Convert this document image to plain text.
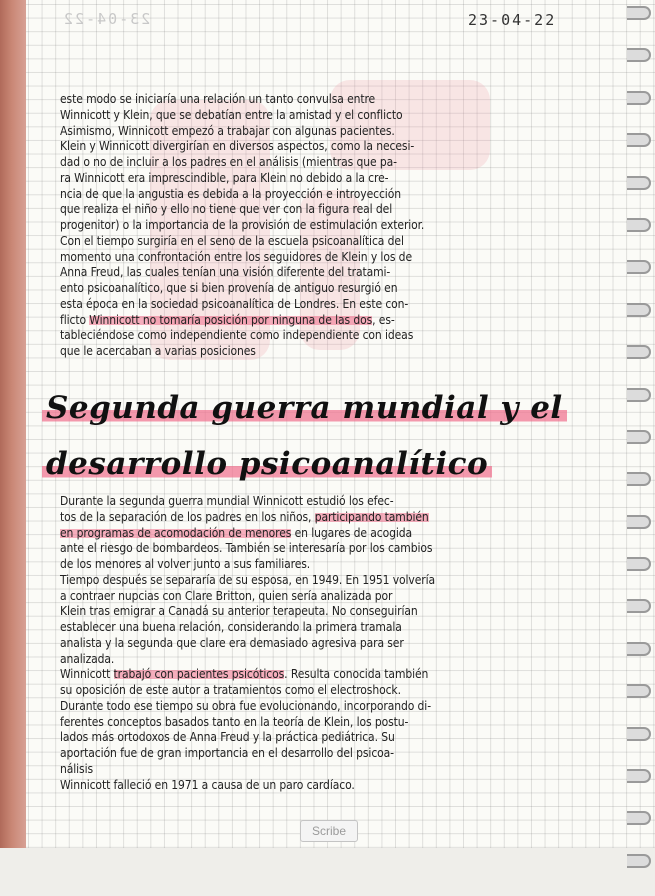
23-04-22	23-04-22
este modo se iniciaría una relación un tanto convulsa entre
Winnicott y Klein, que se debatían entre la amistad y el conflicto
Asimismo, Winnicott empezó a trabajar con algunas pacientes.
Klein y Winnicott divergirían en diversos aspectos, como la necesi-
dad o no de incluir a los padres en el análisis (mientras que pa-
ra Winnicott era imprescindible, para Klein no debido a la cre-
ncia de que la angustia es debida a la proyección e introyección
que realiza el niño y ello no tiene que ver con la figura real del
progenitor) o la importancia de la provisión de estimulación exterior.
Con el tiempo surgiría en el seno de la escuela psicoanalítica del
momento una confrontación entre los seguidores de Klein y los de
Anna Freud, las cuales tenían una visión diferente del tratami-
ento psicoanalítico, que si bien provenía de antiguo resurgió en
esta época en la sociedad psicoanalítica de Londres. En este con-
flicto Winnicott no tomaría posición por ninguna de las dos, es-
tableciéndose como independiente como independiente con ideas
que le acercaban a varias posiciones
Segunda guerra mundial y el
desarrollo psicoanalítico
Durante la segunda guerra mundial Winnicott estudió los efec-
tos de la separación de los padres en los niños, participando también
en programas de acomodación de menores en lugares de acogida
ante el riesgo de bombardeos. También se interesaría por los cambios
de los menores al volver junto a sus familiares.
Tiempo después se separaría de su esposa, en 1949. En 1951 volvería
a contraer nupcias con Clare Britton, quien sería analizada por
Klein tras emigrar a Canadá su anterior terapeuta. No conseguirían
establecer una buena relación, considerando la primera tramala
analista y la segunda que clare era demasiado agresiva para ser
analizada.
Winnicott trabajó con pacientes psicóticos. Resulta conocida también
su oposición de este autor a tratamientos como el electroshock.
Durante todo ese tiempo su obra fue evolucionando, incorporando di-
ferentes conceptos basados tanto en la teoría de Klein, los postu-
lados más ortodoxos de Anna Freud y la práctica pediátrica. Su
aportación fue de gran importancia en el desarrollo del psicoa-
nálisis
Winnicott falleció en 1971 a causa de un paro cardíaco.
Scribe
